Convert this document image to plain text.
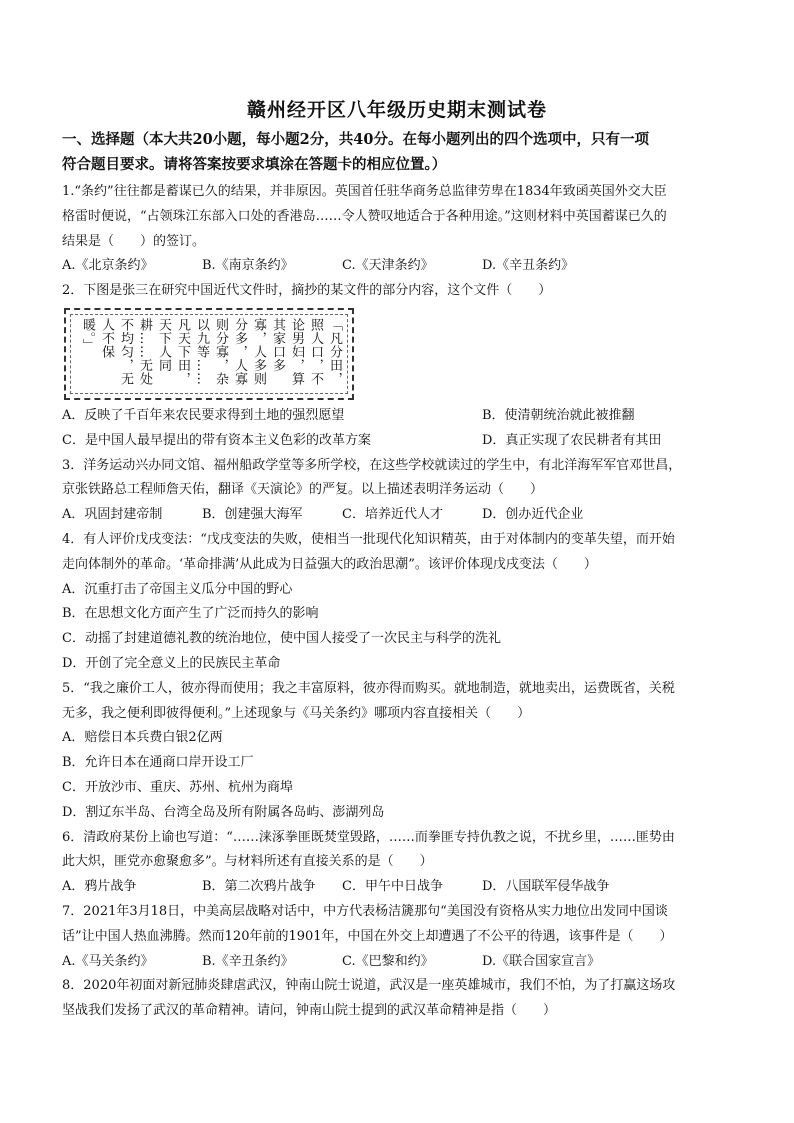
赣州经开区八年级历史期末测试卷

一、选择题（本大共20小题，每小题2分，共40分。在每小题列出的四个选项中，只有一项

符合题目要求。请将答案按要求填涂在答题卡的相应位置。）

1.“条约”往往都是蓄谋已久的结果，并非原因。英国首任驻华商务总监律劳卑在1834年致函英国外交大臣

格雷时便说，“占领珠江东部入口处的香港岛……令人赞叹地适合于各种用途。”这则材料中英国蓄谋已久的

结果是（　　）的签订。

A.《北京条约》	B.《南京条约》	C.《天津条约》	D.《辛丑条约》

2．下图是张三在研究中国近代文件时，摘抄的某文件的部分内容，这个文件（　　）

「凡分田，
照人口，不
论男妇，算
其家口多
寡，人多则
分多，人寡
则分寡，杂
以九等……
凡天下田，
天下人同
耕……无处
不均匀，无
人不保
暖。」
A．反映了千百年来农民要求得到土地的强烈愿望	B．使清朝统治就此被推翻
C．是中国人最早提出的带有资本主义色彩的改革方案	D．真正实现了农民耕者有其田

3．洋务运动兴办同文馆、福州船政学堂等多所学校，在这些学校就读过的学生中，有北洋海军军官邓世昌，

京张铁路总工程师詹天佑，翻译《天演论》的严复。以上描述表明洋务运动（　　）

A．巩固封建帝制	B．创建强大海军	C．培养近代人才	D．创办近代企业

4．有人评价戊戌变法：“戊戌变法的失败，使相当一批现代化知识精英，由于对体制内的变革失望，而开始

走向体制外的革命。‘革命排满’从此成为日益强大的政治思潮”。该评价体现戊戌变法（　　）

A．沉重打击了帝国主义瓜分中国的野心

B．在思想文化方面产生了广泛而持久的影响

C．动摇了封建道德礼教的统治地位，使中国人接受了一次民主与科学的洗礼

D．开创了完全意义上的民族民主革命

5．“我之廉价工人，彼亦得而使用；我之丰富原料，彼亦得而购买。就地制造，就地卖出，运费既省，关税

无多，我之便利即彼得便利。”上述现象与《马关条约》哪项内容直接相关（　　）

A．赔偿日本兵费白银2亿两

B．允许日本在通商口岸开设工厂

C．开放沙市、重庆、苏州、杭州为商埠

D．割辽东半岛、台湾全岛及所有附属各岛屿、澎湖列岛

6．清政府某份上谕也写道：“……涞涿拳匪既焚堂毁路，……而拳匪专持仇教之说，不扰乡里，……匪势由

此大炽，匪党亦愈聚愈多”。与材料所述有直接关系的是（　　）

A．鸦片战争	B．第二次鸦片战争	C．甲午中日战争	D．八国联军侵华战争

7．2021年3月18日，中美高层战略对话中，中方代表杨洁篪那句“美国没有资格从实力地位出发同中国谈

话”让中国人热血沸腾。然而120年前的1901年，中国在外交上却遭遇了不公平的待遇，该事件是（　　）

A.《马关条约》	B.《辛丑条约》	C.《巴黎和约》	D.《联合国家宣言》

8．2020年初面对新冠肺炎肆虐武汉，钟南山院士说道，武汉是一座英雄城市，我们不怕，为了打赢这场攻

坚战我们发扬了武汉的革命精神。请问，钟南山院士提到的武汉革命精神是指（　　）
